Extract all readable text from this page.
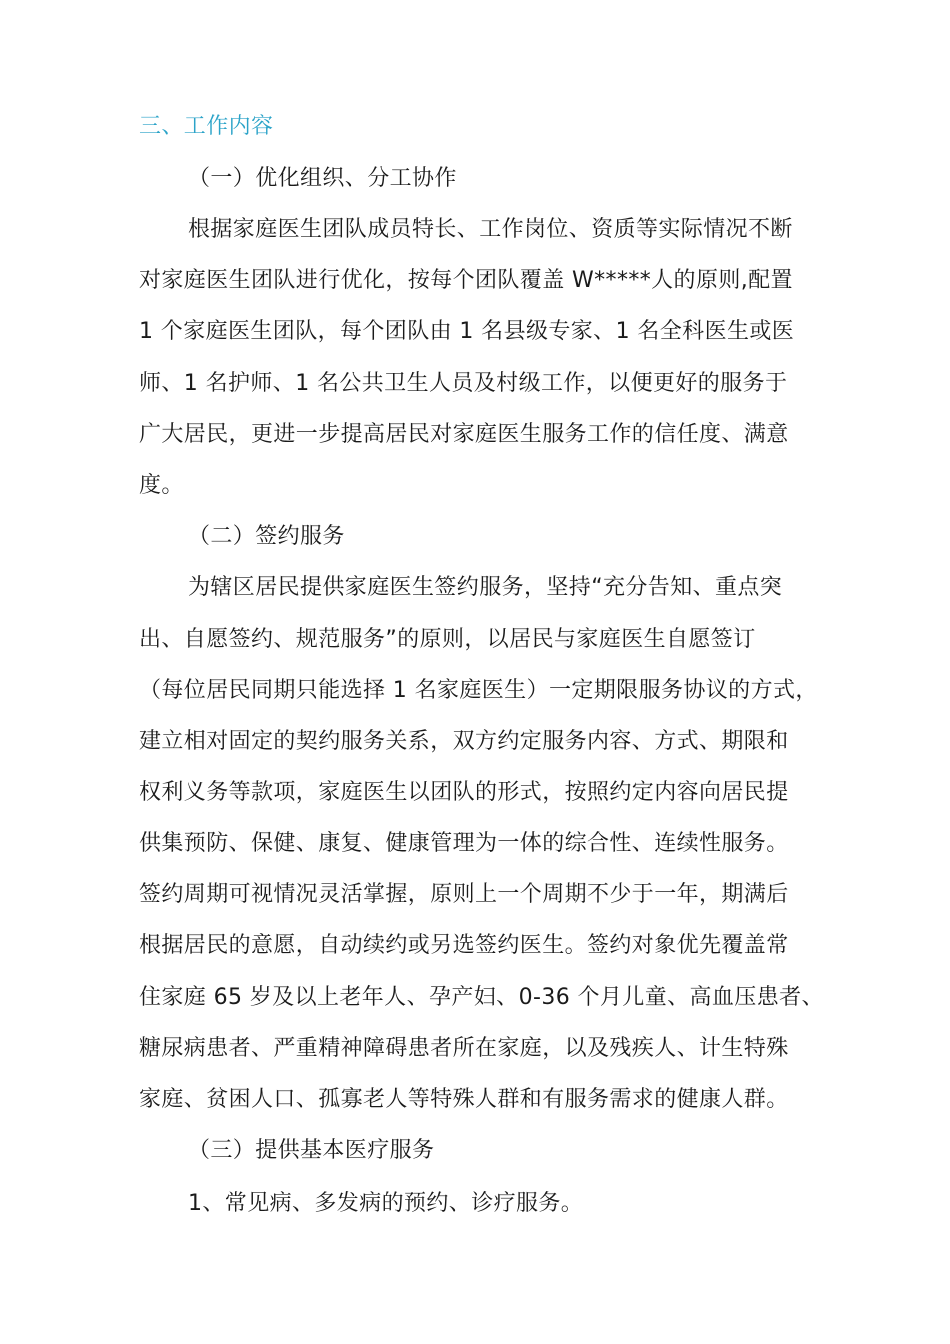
三、工作内容
（一）优化组织、分工协作
根据家庭医生团队成员特长、工作岗位、资质等实际情况不断
对家庭医生团队进行优化，按每个团队覆盖 W*****人的原则,配置
1 个家庭医生团队，每个团队由 1 名县级专家、1 名全科医生或医
师、1 名护师、1 名公共卫生人员及村级工作，以便更好的服务于
广大居民，更进一步提高居民对家庭医生服务工作的信任度、满意
度。
（二）签约服务
为辖区居民提供家庭医生签约服务，坚持“充分告知、重点突
出、自愿签约、规范服务”的原则，以居民与家庭医生自愿签订
（每位居民同期只能选择 1 名家庭医生）一定期限服务协议的方式，
建立相对固定的契约服务关系，双方约定服务内容、方式、期限和
权利义务等款项，家庭医生以团队的形式，按照约定内容向居民提
供集预防、保健、康复、健康管理为一体的综合性、连续性服务。
签约周期可视情况灵活掌握，原则上一个周期不少于一年，期满后
根据居民的意愿，自动续约或另选签约医生。签约对象优先覆盖常
住家庭 65 岁及以上老年人、孕产妇、0-36 个月儿童、高血压患者、
糖尿病患者、严重精神障碍患者所在家庭，以及残疾人、计生特殊
家庭、贫困人口、孤寡老人等特殊人群和有服务需求的健康人群。
（三）提供基本医疗服务
1、常见病、多发病的预约、诊疗服务。
